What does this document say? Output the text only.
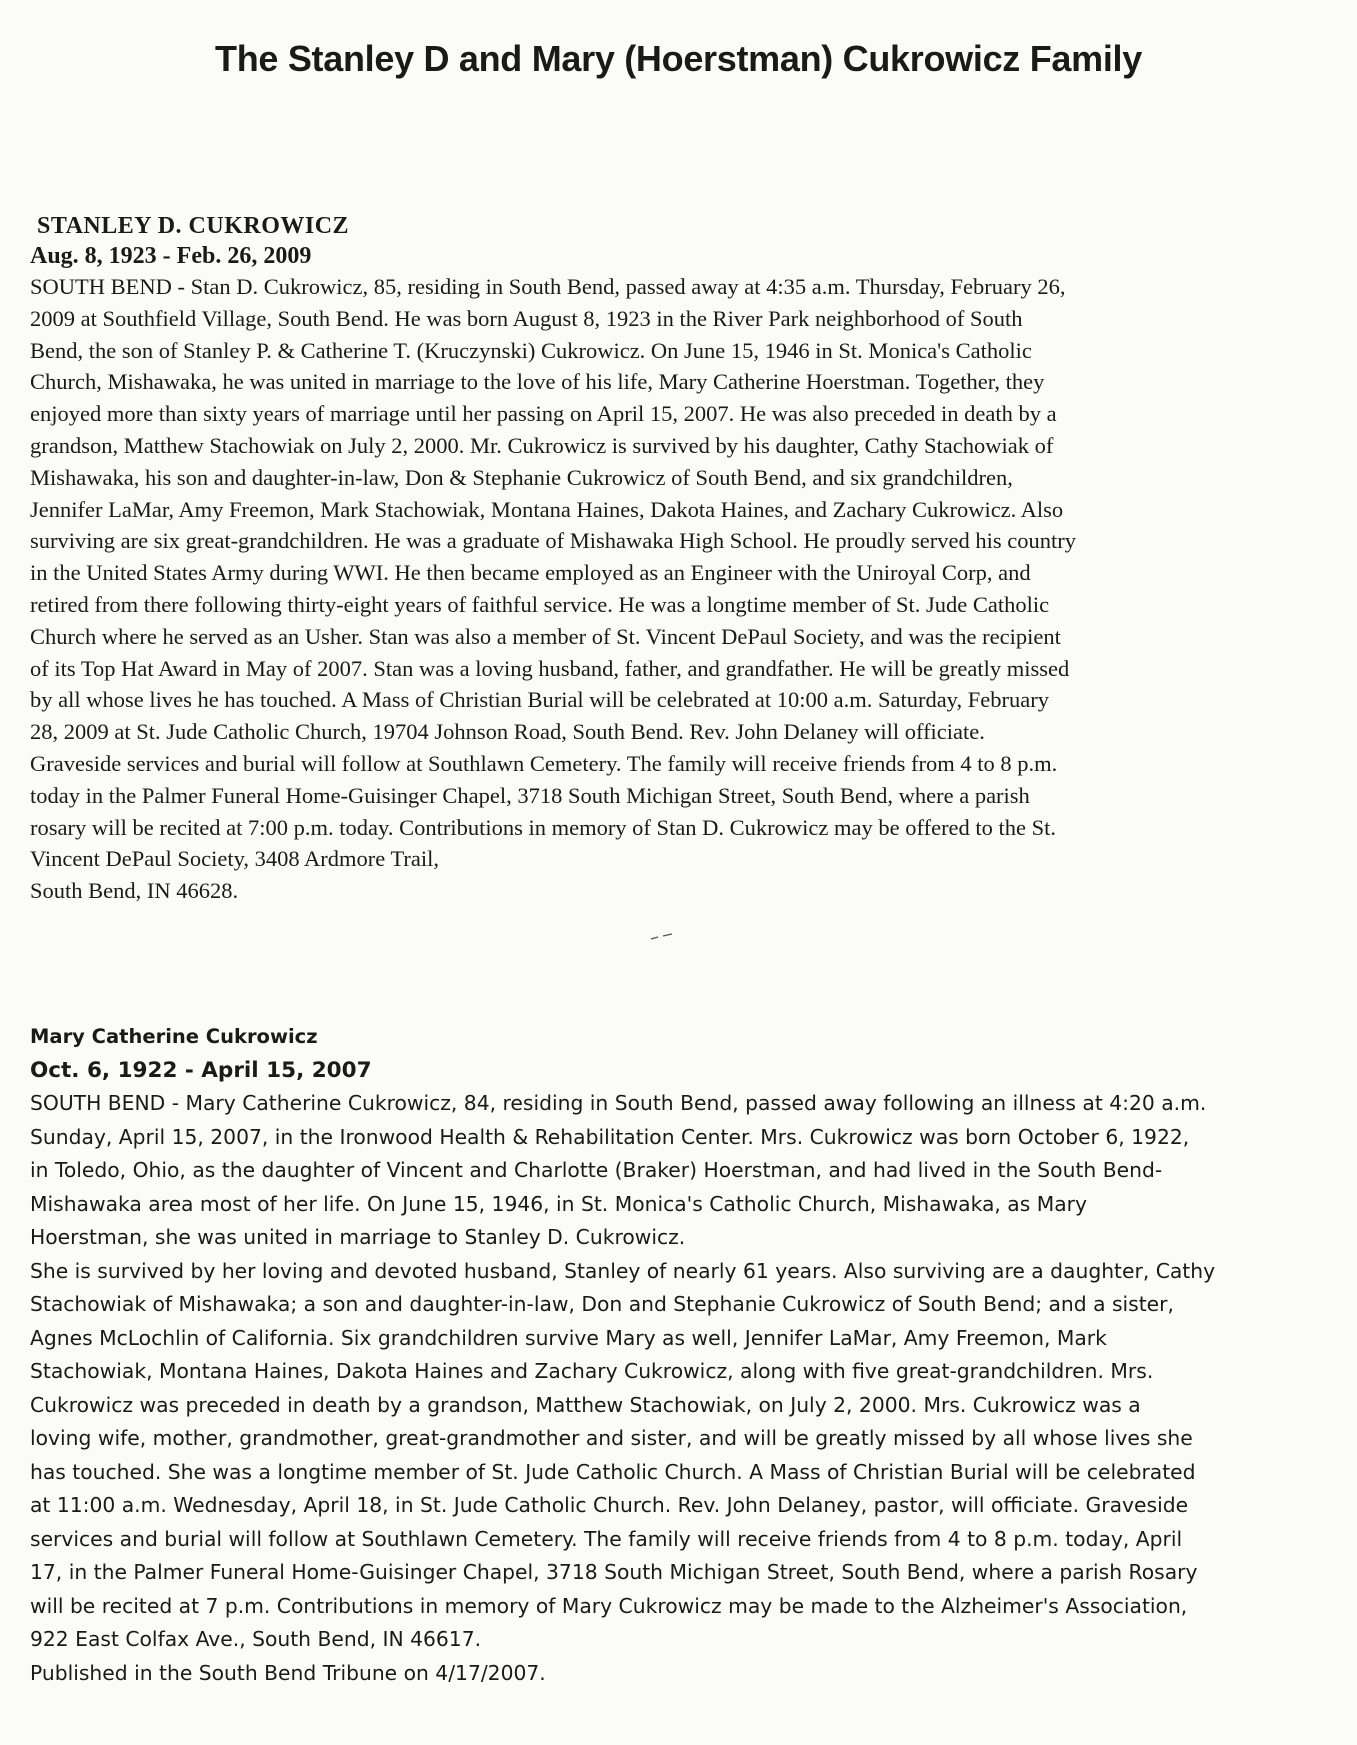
The Stanley D and Mary (Hoerstman) Cukrowicz Family
STANLEY D. CUKROWICZ
Aug. 8, 1923 - Feb. 26, 2009

SOUTH BEND - Stan D. Cukrowicz, 85, residing in South Bend, passed away at 4:35 a.m. Thursday, February 26,
2009 at Southfield Village, South Bend. He was born August 8, 1923 in the River Park neighborhood of South
Bend, the son of Stanley P. & Catherine T. (Kruczynski) Cukrowicz. On June 15, 1946 in St. Monica's Catholic
Church, Mishawaka, he was united in marriage to the love of his life, Mary Catherine Hoerstman. Together, they
enjoyed more than sixty years of marriage until her passing on April 15, 2007. He was also preceded in death by a
grandson, Matthew Stachowiak on July 2, 2000. Mr. Cukrowicz is survived by his daughter, Cathy Stachowiak of
Mishawaka, his son and daughter-in-law, Don & Stephanie Cukrowicz of South Bend, and six grandchildren,
Jennifer LaMar, Amy Freemon, Mark Stachowiak, Montana Haines, Dakota Haines, and Zachary Cukrowicz. Also
surviving are six great-grandchildren. He was a graduate of Mishawaka High School. He proudly served his country
in the United States Army during WWI. He then became employed as an Engineer with the Uniroyal Corp, and
retired from there following thirty-eight years of faithful service. He was a longtime member of St. Jude Catholic
Church where he served as an Usher. Stan was also a member of St. Vincent DePaul Society, and was the recipient
of its Top Hat Award in May of 2007. Stan was a loving husband, father, and grandfather. He will be greatly missed
by all whose lives he has touched. A Mass of Christian Burial will be celebrated at 10:00 a.m. Saturday, February
28, 2009 at St. Jude Catholic Church, 19704 Johnson Road, South Bend. Rev. John Delaney will officiate.
Graveside services and burial will follow at Southlawn Cemetery. The family will receive friends from 4 to 8 p.m.
today in the Palmer Funeral Home-Guisinger Chapel, 3718 South Michigan Street, South Bend, where a parish
rosary will be recited at 7:00 p.m. today. Contributions in memory of Stan D. Cukrowicz may be offered to the St.
Vincent DePaul Society, 3408 Ardmore Trail,
South Bend, IN 46628.

Mary Catherine Cukrowicz
Oct. 6, 1922 - April 15, 2007

SOUTH BEND - Mary Catherine Cukrowicz, 84, residing in South Bend, passed away following an illness at 4:20 a.m.
Sunday, April 15, 2007, in the Ironwood Health & Rehabilitation Center. Mrs. Cukrowicz was born October 6, 1922,
in Toledo, Ohio, as the daughter of Vincent and Charlotte (Braker) Hoerstman, and had lived in the South Bend-
Mishawaka area most of her life. On June 15, 1946, in St. Monica's Catholic Church, Mishawaka, as Mary
Hoerstman, she was united in marriage to Stanley D. Cukrowicz.
She is survived by her loving and devoted husband, Stanley of nearly 61 years. Also surviving are a daughter, Cathy
Stachowiak of Mishawaka; a son and daughter-in-law, Don and Stephanie Cukrowicz of South Bend; and a sister,
Agnes McLochlin of California. Six grandchildren survive Mary as well, Jennifer LaMar, Amy Freemon, Mark
Stachowiak, Montana Haines, Dakota Haines and Zachary Cukrowicz, along with five great-grandchildren. Mrs.
Cukrowicz was preceded in death by a grandson, Matthew Stachowiak, on July 2, 2000. Mrs. Cukrowicz was a
loving wife, mother, grandmother, great-grandmother and sister, and will be greatly missed by all whose lives she
has touched. She was a longtime member of St. Jude Catholic Church. A Mass of Christian Burial will be celebrated
at 11:00 a.m. Wednesday, April 18, in St. Jude Catholic Church. Rev. John Delaney, pastor, will officiate. Graveside
services and burial will follow at Southlawn Cemetery. The family will receive friends from 4 to 8 p.m. today, April
17, in the Palmer Funeral Home-Guisinger Chapel, 3718 South Michigan Street, South Bend, where a parish Rosary
will be recited at 7 p.m. Contributions in memory of Mary Cukrowicz may be made to the Alzheimer's Association,
922 East Colfax Ave., South Bend, IN 46617.
Published in the South Bend Tribune on 4/17/2007.
